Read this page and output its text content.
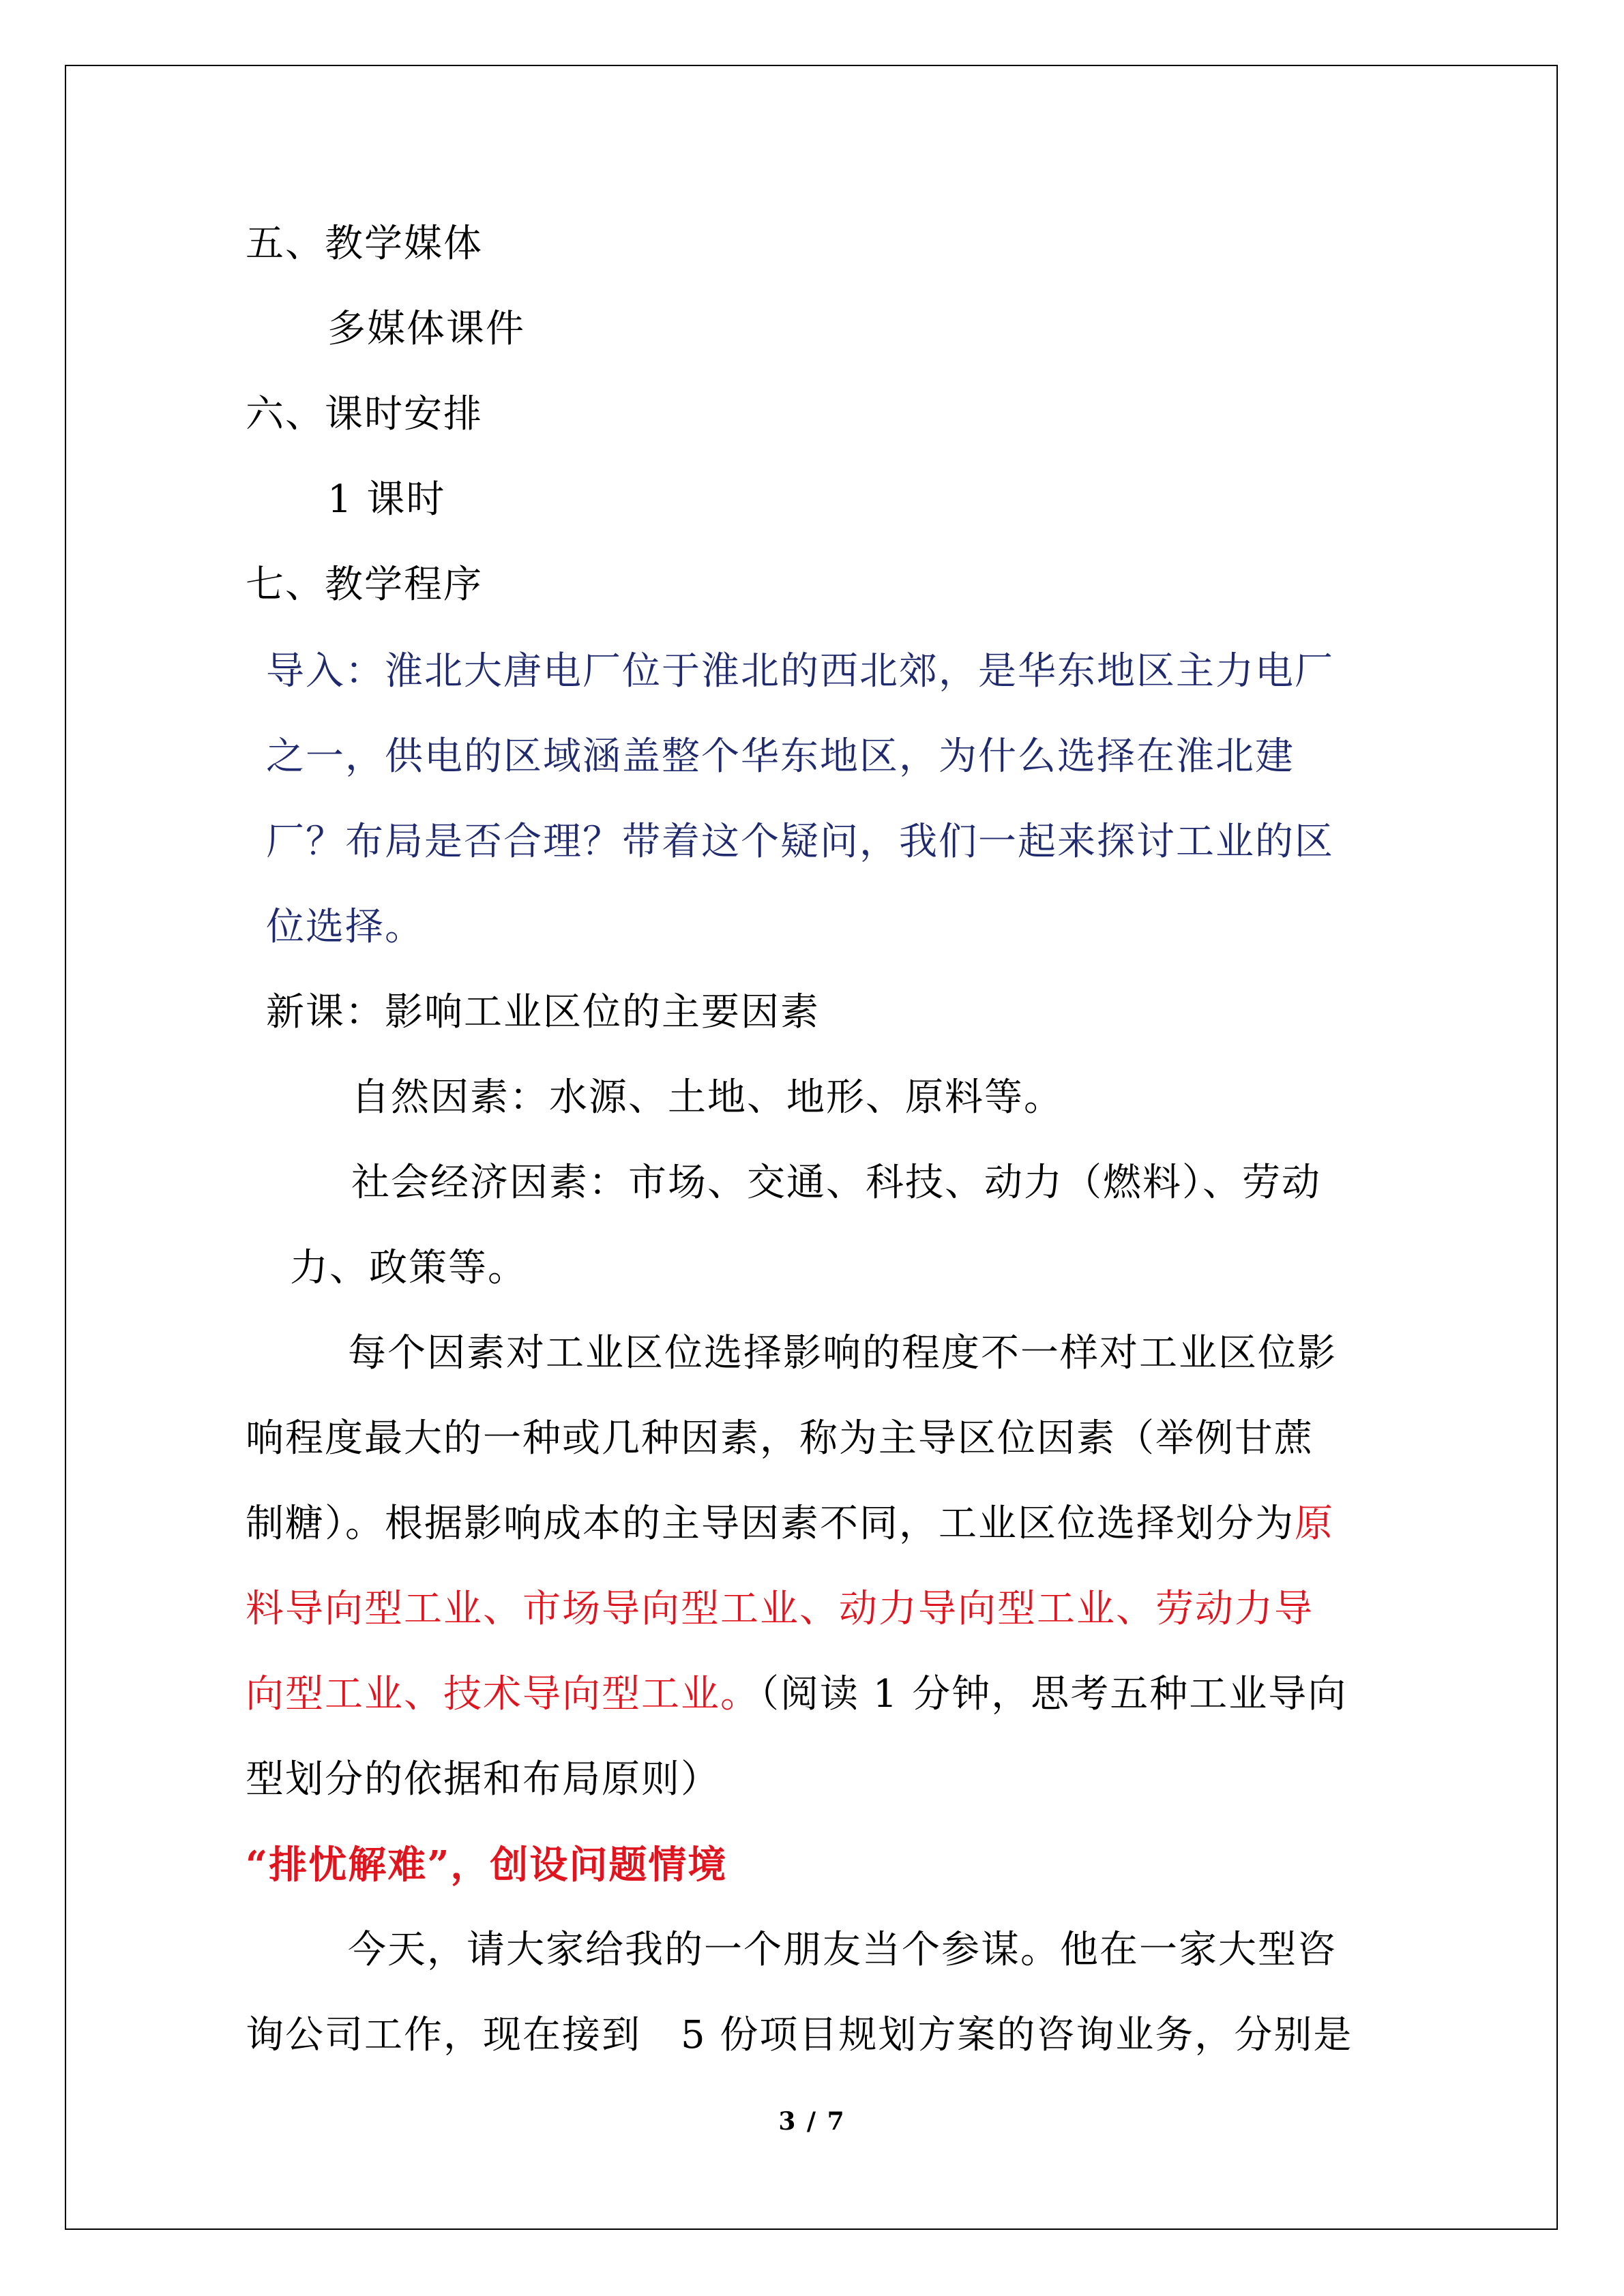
五、教学媒体
多媒体课件
六、课时安排
1 课时
七、教学程序
导入：淮北大唐电厂位于淮北的西北郊，是华东地区主力电厂
之一，供电的区域涵盖整个华东地区，为什么选择在淮北建
厂？布局是否合理？带着这个疑问，我们一起来探讨工业的区
位选择。
新课：影响工业区位的主要因素
自然因素：水源、土地、地形、原料等。
社会经济因素：市场、交通、科技、动力（燃料）、劳动
力、政策等。
每个因素对工业区位选择影响的程度不一样对工业区位影
响程度最大的一种或几种因素，称为主导区位因素（举例甘蔗
制糖）。根据影响成本的主导因素不同，工业区位选择划分为原
料导向型工业、市场导向型工业、动力导向型工业、劳动力导
向型工业、技术导向型工业。（阅读 1 分钟，思考五种工业导向
型划分的依据和布局原则）
“排忧解难”，创设问题情境
今天，请大家给我的一个朋友当个参谋。他在一家大型咨
询公司工作，现在接到　5 份项目规划方案的咨询业务，分别是
3 / 7
